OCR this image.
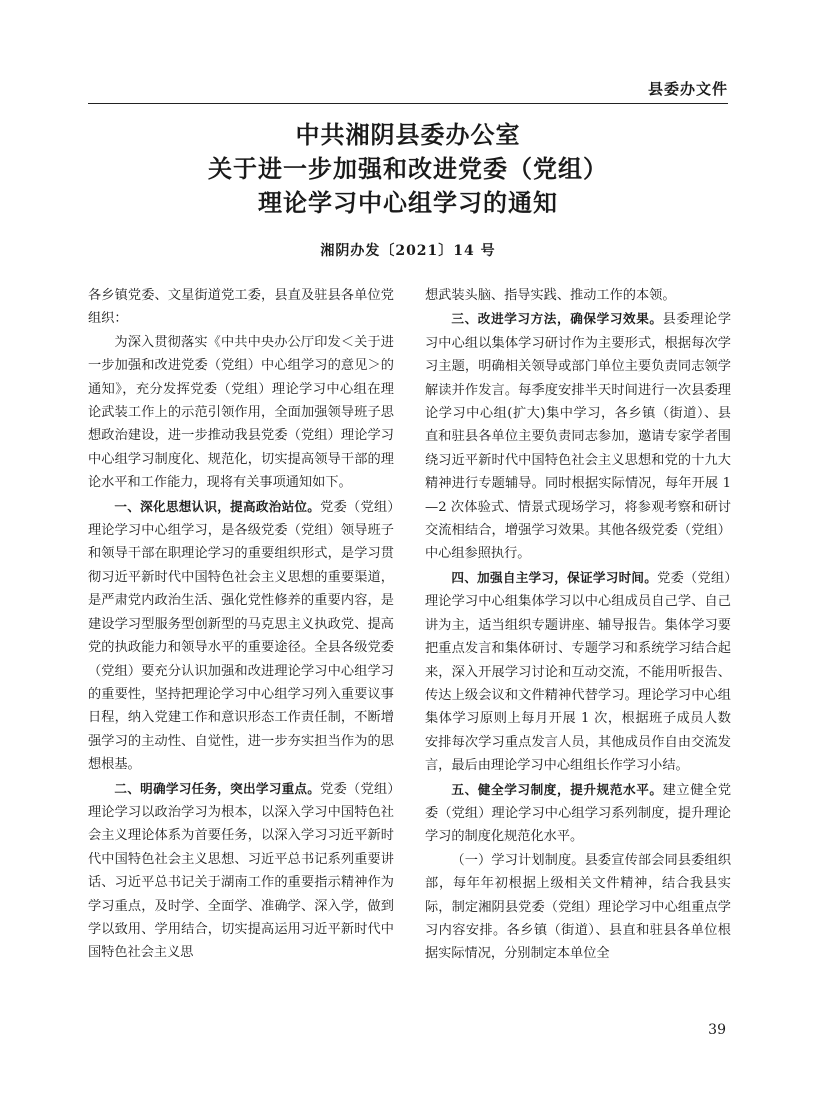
县委办文件
中共湘阴县委办公室
关于进一步加强和改进党委（党组）
理论学习中心组学习的通知
湘阴办发〔2021〕14 号

各乡镇党委、文星街道党工委，县直及驻县各单位党组织：

为深入贯彻落实《中共中央办公厅印发＜关于进一步加强和改进党委（党组）中心组学习的意见＞的通知》，充分发挥党委（党组）理论学习中心组在理论武装工作上的示范引领作用，全面加强领导班子思想政治建设，进一步推动我县党委（党组）理论学习中心组学习制度化、规范化，切实提高领导干部的理论水平和工作能力，现将有关事项通知如下。

一、深化思想认识，提高政治站位。党委（党组）理论学习中心组学习，是各级党委（党组）领导班子和领导干部在职理论学习的重要组织形式，是学习贯彻习近平新时代中国特色社会主义思想的重要渠道，是严肃党内政治生活、强化党性修养的重要内容，是建设学习型服务型创新型的马克思主义执政党、提高党的执政能力和领导水平的重要途径。全县各级党委（党组）要充分认识加强和改进理论学习中心组学习的重要性，坚持把理论学习中心组学习列入重要议事日程，纳入党建工作和意识形态工作责任制，不断增强学习的主动性、自觉性，进一步夯实担当作为的思想根基。

二、明确学习任务，突出学习重点。党委（党组）理论学习以政治学习为根本，以深入学习中国特色社会主义理论体系为首要任务，以深入学习习近平新时代中国特色社会主义思想、习近平总书记系列重要讲话、习近平总书记关于湖南工作的重要指示精神作为学习重点，及时学、全面学、准确学、深入学，做到学以致用、学用结合，切实提高运用习近平新时代中国特色社会主义思

想武装头脑、指导实践、推动工作的本领。

三、改进学习方法，确保学习效果。县委理论学习中心组以集体学习研讨作为主要形式，根据每次学习主题，明确相关领导或部门单位主要负责同志领学解读并作发言。每季度安排半天时间进行一次县委理论学习中心组(扩大)集中学习，各乡镇（街道）、县直和驻县各单位主要负责同志参加，邀请专家学者围绕习近平新时代中国特色社会主义思想和党的十九大精神进行专题辅导。同时根据实际情况，每年开展 1—2 次体验式、情景式现场学习，将参观考察和研讨交流相结合，增强学习效果。其他各级党委（党组）中心组参照执行。

四、加强自主学习，保证学习时间。党委（党组）理论学习中心组集体学习以中心组成员自己学、自己讲为主，适当组织专题讲座、辅导报告。集体学习要把重点发言和集体研讨、专题学习和系统学习结合起来，深入开展学习讨论和互动交流，不能用听报告、传达上级会议和文件精神代替学习。理论学习中心组集体学习原则上每月开展 1 次，根据班子成员人数安排每次学习重点发言人员，其他成员作自由交流发言，最后由理论学习中心组组长作学习小结。

五、健全学习制度，提升规范水平。建立健全党委（党组）理论学习中心组学习系列制度，提升理论学习的制度化规范化水平。

（一）学习计划制度。县委宣传部会同县委组织部，每年年初根据上级相关文件精神，结合我县实际，制定湘阴县党委（党组）理论学习中心组重点学习内容安排。各乡镇（街道）、县直和驻县各单位根据实际情况，分别制定本单位全

39
